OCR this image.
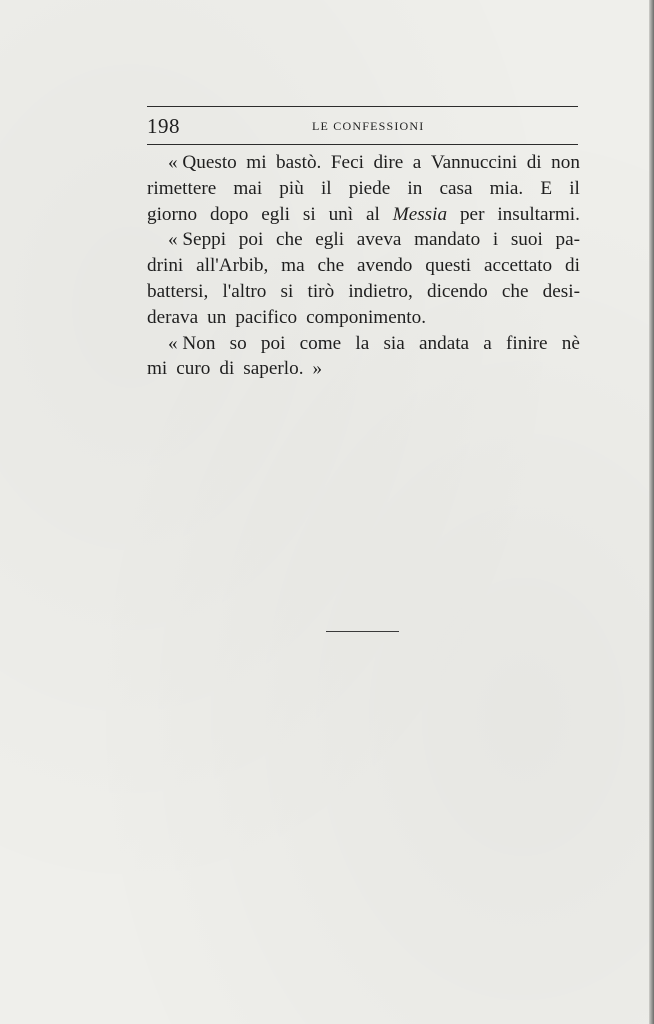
198	LE CONFESSIONI
« Questo mi bastò. Feci dire a Vannuccini di non
rimettere mai più il piede in casa mia. E il
giorno dopo egli si unì al Messia per insultarmi.
« Seppi poi che egli aveva mandato i suoi pa-
drini all'Arbib, ma che avendo questi accettato di
battersi, l'altro si tirò indietro, dicendo che desi-
derava un pacifico componimento.
« Non so poi come la sia andata a finire nè
mi curo di saperlo. »
